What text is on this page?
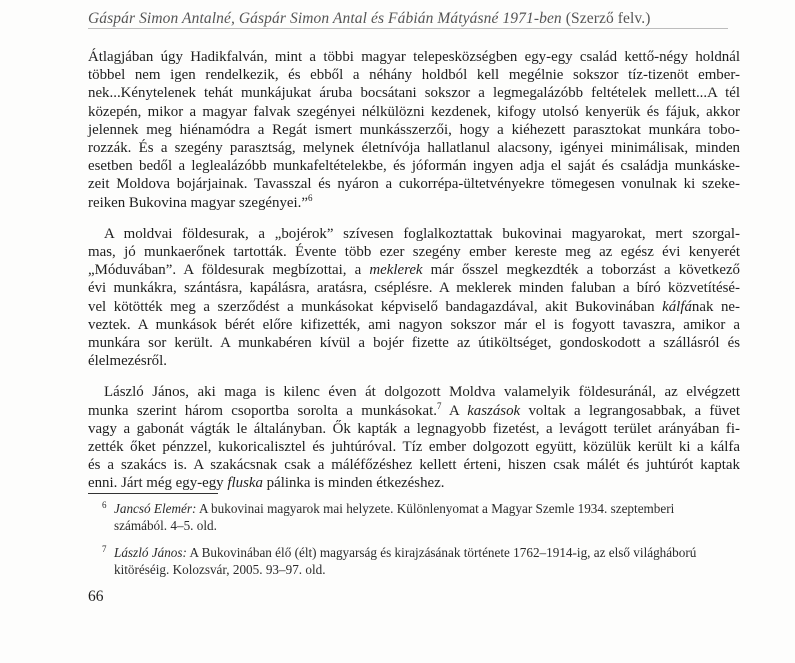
Gáspár Simon Antalné, Gáspár Simon Antal és Fábián Mátyásné 1971-ben (Szerző felv.)

Átlagjában úgy Hadikfalván, mint a többi magyar telepesközségben egy-egy család kettő-négy holdnál
többel nem igen rendelkezik, és ebből a néhány holdból kell megélnie sokszor tíz-tizenöt ember-
nek...Kénytelenek tehát munkájukat áruba bocsátani sokszor a legmegalázóbb feltételek mellett...A tél
közepén, mikor a magyar falvak szegényei nélkülözni kezdenek, kifogy utolsó kenyerük és fájuk, akkor
jelennek meg hiénamódra a Regát ismert munkásszerzői, hogy a kiéhezett parasztokat munkára tobo-
rozzák. És a szegény parasztság, melynek életnívója hallatlanul alacsony, igényei minimálisak, minden
esetben bedől a leglealázóbb munkafeltételekbe, és jóformán ingyen adja el saját és családja munkáske-
zeit Moldova bojárjainak. Tavasszal és nyáron a cukorrépa-ültetvényekre tömegesen vonulnak ki szeke-
reiken Bukovina magyar szegényei.”$^6$

A moldvai földesurak, a „bojérok” szívesen foglalkoztattak bukovinai magyarokat, mert szorgal-
mas, jó munkaerőnek tartották. Évente több ezer szegény ember kereste meg az egész évi kenyerét
„Móduvában”. A földesurak megbízottai, a meklerek már ősszel megkezdték a toborzást a következő
évi munkákra, szántásra, kapálásra, aratásra, cséplésre. A meklerek minden faluban a bíró közvetítésé-
vel kötötték meg a szerződést a munkásokat képviselő bandagazdával, akit Bukovinában kálfának ne-
veztek. A munkások bérét előre kifizették, ami nagyon sokszor már el is fogyott tavaszra, amikor a
munkára sor került. A munkabéren kívül a bojér fizette az útiköltséget, gondoskodott a szállásról és
élelmezésről.

László János, aki maga is kilenc éven át dolgozott Moldva valamelyik földesuránál, az elvégzett
munka szerint három csoportba sorolta a munkásokat.$^7$ A kaszások voltak a legrangosabbak, a füvet
vagy a gabonát vágták le általányban. Ők kapták a legnagyobb fizetést, a levágott terület arányában fi-
zették őket pénzzel, kukoricalisztel és juhtúróval. Tíz ember dolgozott együtt, közülük került ki a kálfa
és a szakács is. A szakácsnak csak a máléfőzéshez kellett érteni, hiszen csak málét és juhtúrót kaptak
enni. Járt még egy-egy fluska pálinka is minden étkezéshez.

6 Jancsó Elemér: A bukovinai magyarok mai helyzete. Különlenyomat a Magyar Szemle 1934. szeptemberi
számából. 4–5. old.
7 László János: A Bukovinában élő (élt) magyarság és kirajzásának története 1762–1914-ig, az első világháború
kitöréséig. Kolozsvár, 2005. 93–97. old.
66
